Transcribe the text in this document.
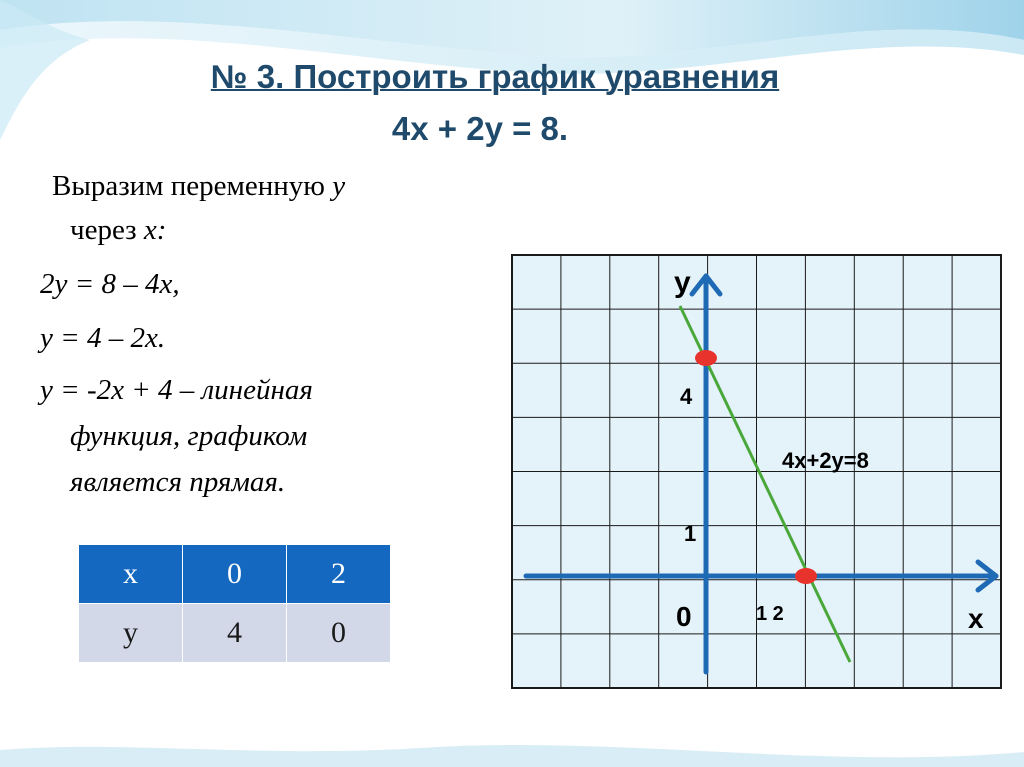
№ 3. Построить график уравнения
4х + 2у = 8.
Выразим переменную у
через х:
2у = 8 – 4х,
у = 4 – 2х.
у = -2х + 4 – линейная
функция, графиком
является прямая.
х	0	2
у	4	0
у
х
0
4
1
1 2
4х+2у=8
